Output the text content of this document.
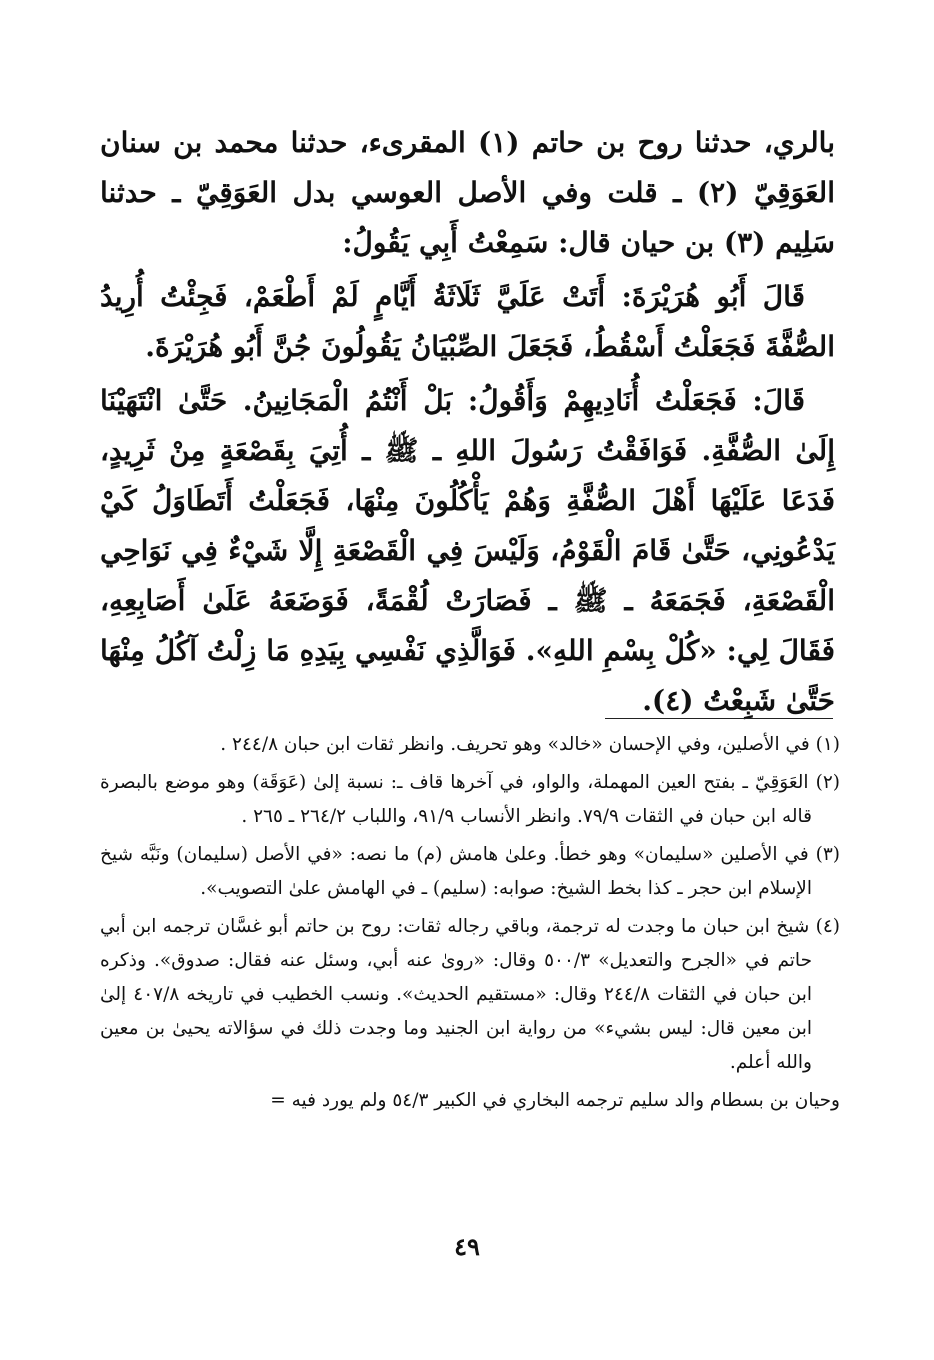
بالري، حدثنا روح بن حاتم (١) المقرىء، حدثنا محمد بن سنان العَوَقِيّ (٢) ـ قلت وفي الأصل العوسي بدل العَوَقِيّ ـ حدثنا سَلِيم (٣) بن حيان قال: سَمِعْتُ أَبِي يَقُولُ:

قَالَ أَبُو هُرَيْرَةَ: أَتَتْ عَلَيَّ ثَلَاثَةُ أَيَّامٍ لَمْ أَطْعَمْ، فَجِئْتُ أُرِيدُ الصُّفَّةَ فَجَعَلْتُ أَسْقُطُ، فَجَعَلَ الصِّبْيَانُ يَقُولُونَ جُنَّ أَبُو هُرَيْرَةَ.

قَالَ: فَجَعَلْتُ أُنَادِيهِمْ وَأَقُولُ: بَلْ أَنْتُمُ الْمَجَانِينُ. حَتَّىٰ انْتَهَيْنَا إِلَىٰ الصُّفَّةِ. فَوَافَقْتُ رَسُولَ اللهِ ـ ﷺ ـ أُتِيَ بِقَصْعَةٍ مِنْ ثَرِيدٍ، فَدَعَا عَلَيْهَا أَهْلَ الصُّفَّةِ وَهُمْ يَأْكُلُونَ مِنْهَا، فَجَعَلْتُ أَتَطَاوَلُ كَيْ يَدْعُونِي، حَتَّىٰ قَامَ الْقَوْمُ، وَلَيْسَ فِي الْقَصْعَةِ إِلَّا شَيْءٌ فِي نَوَاحِي الْقَصْعَةِ، فَجَمَعَهُ ـ ﷺ ـ فَصَارَتْ لُقْمَةً، فَوَضَعَهُ عَلَىٰ أَصَابِعِهِ، فَقَالَ لِي: «كُلْ بِسْمِ اللهِ». فَوَالَّذِي نَفْسِي بِيَدِهِ مَا زِلْتُ آكُلُ مِنْهَا حَتَّىٰ شَبِعْتُ (٤).

(١) في الأصلين، وفي الإحسان «خالد» وهو تحريف. وانظر ثقات ابن حبان ٢٤٤/٨ .

(٢) العَوَقِيّ ـ بفتح العين المهملة، والواو، في آخرها قاف ـ: نسبة إلىٰ (عَوَقَة) وهو موضع بالبصرة قاله ابن حبان في الثقات ٧٩/٩. وانظر الأنساب ٩١/٩، واللباب ٢٦٤/٢ ـ ٢٦٥ .

(٣) في الأصلين «سليمان» وهو خطأ. وعلىٰ هامش (م) ما نصه: «في الأصل (سليمان) ونَبَّه شيخ الإسلام ابن حجر ـ كذا بخط الشيخ: صوابه: (سليم) ـ في الهامش علىٰ التصويب».

(٤) شيخ ابن حبان ما وجدت له ترجمة، وباقي رجاله ثقات: روح بن حاتم أبو غسَّان ترجمه ابن أبي حاتم في «الجرح والتعديل» ٥٠٠/٣ وقال: «روىٰ عنه أبي، وسئل عنه فقال: صدوق». وذكره ابن حبان في الثقات ٢٤٤/٨ وقال: «مستقيم الحديث». ونسب الخطيب في تاريخه ٤٠٧/٨ إلىٰ ابن معين قال: ليس بشيء» من رواية ابن الجنيد وما وجدت ذلك في سؤالاته يحيىٰ بن معين والله أعلم.

وحيان بن بسطام والد سليم ترجمه البخاري في الكبير ٥٤/٣ ولم يورد فيه =

٤٩
